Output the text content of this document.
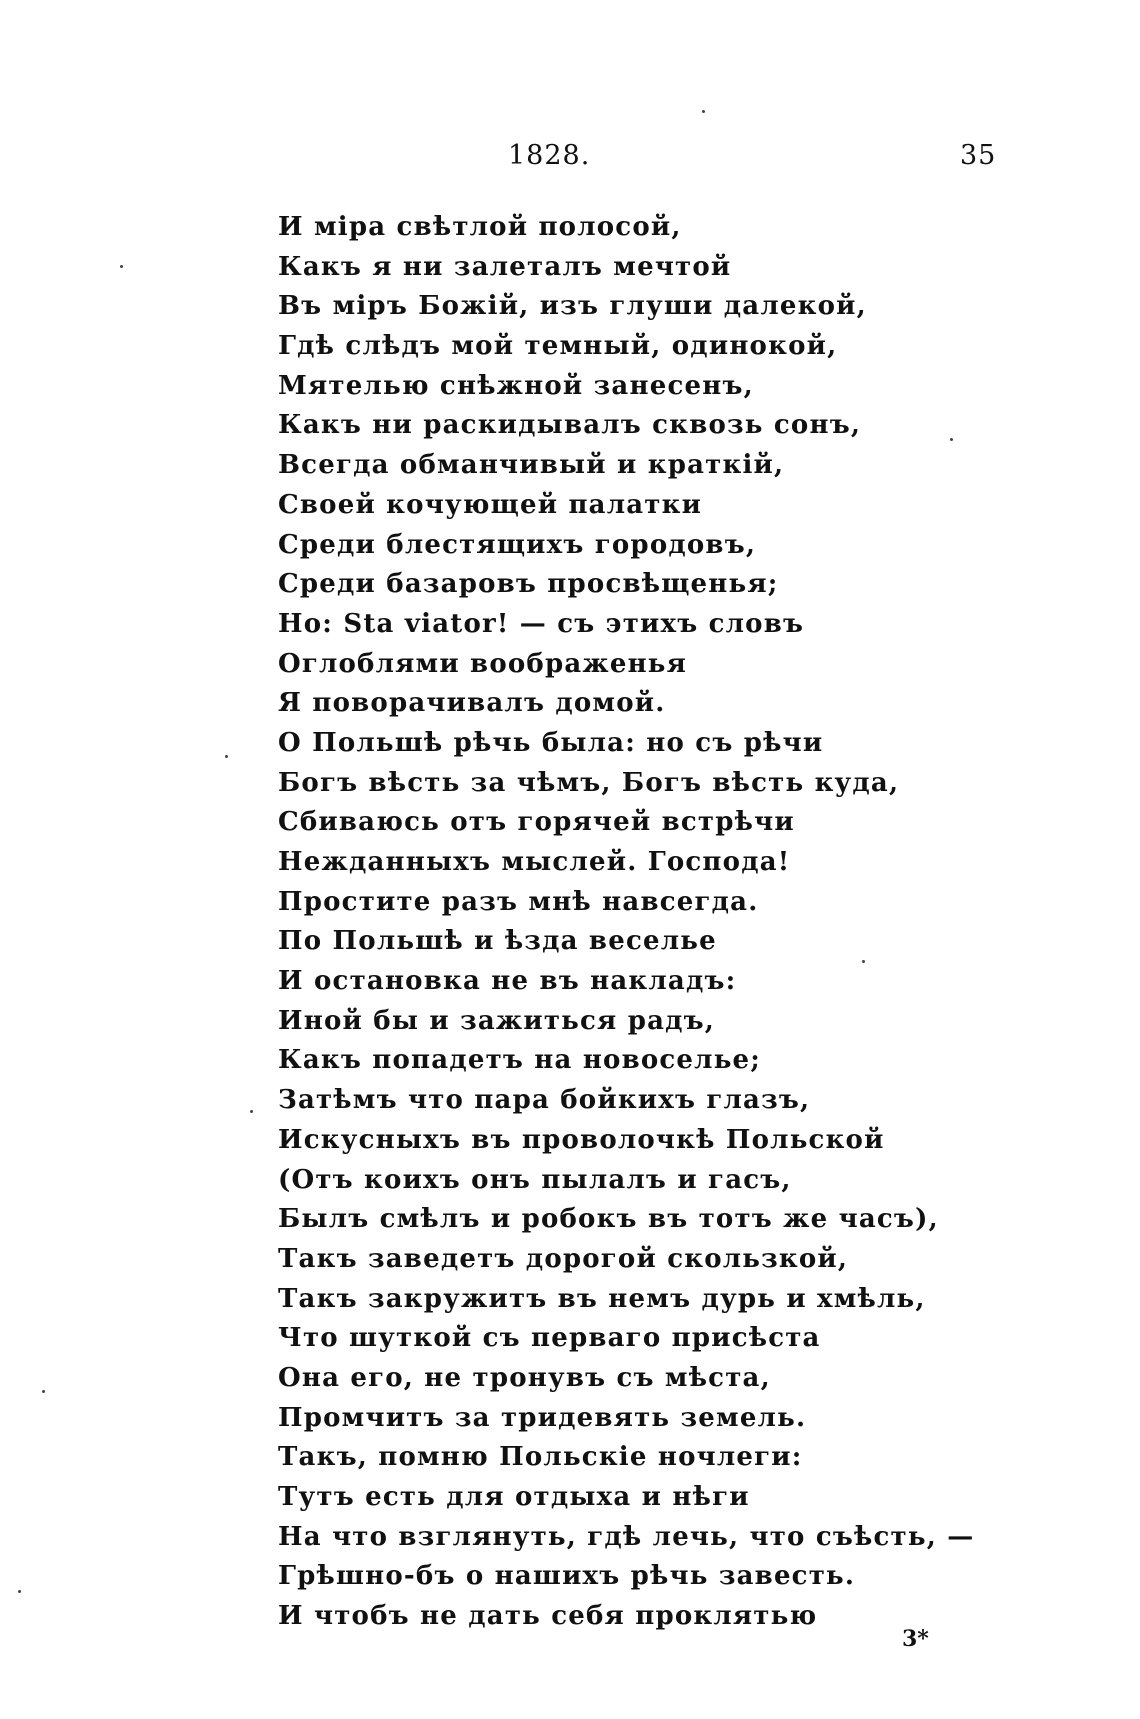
1828.	35
И міра свѣтлой полосой,
Какъ я ни залеталъ мечтой
Въ міръ Божій, изъ глуши далекой,
Гдѣ слѣдъ мой темный, одинокой,
Мятелью снѣжной занесенъ,
Какъ ни раскидывалъ сквозь сонъ,
Всегда обманчивый и краткій,
Своей кочующей палатки
Среди блестящихъ городовъ,
Среди базаровъ просвѣщенья;
Но: Sta viator! — съ этихъ словъ
Оглоблями воображенья
Я поворачивалъ домой.
О Польшѣ рѣчь была: но съ рѣчи
Богъ вѣсть за чѣмъ, Богъ вѣсть куда,
Сбиваюсь отъ горячей встрѣчи
Нежданныхъ мыслей. Господа!
Простите разъ мнѣ навсегда.
По Польшѣ и ѣзда веселье
И остановка не въ накладъ:
Иной бы и зажиться радъ,
Какъ попадетъ на новоселье;
Затѣмъ что пара бойкихъ глазъ,
Искусныхъ въ проволочкѣ Польской
(Отъ коихъ онъ пылалъ и гасъ,
Былъ смѣлъ и робокъ въ тотъ же часъ),
Такъ заведетъ дорогой скользкой,
Такъ закружитъ въ немъ дурь и хмѣль,
Что шуткой съ перваго присѣста
Она его, не тронувъ съ мѣста,
Промчитъ за тридевять земель.
Такъ, помню Польскіе ночлеги:
Тутъ есть для отдыха и нѣги
На что взглянуть, гдѣ лечь, что съѣсть, —
Грѣшно-бъ о нашихъ рѣчь завесть.
И чтобъ не дать себя проклятью
3*
